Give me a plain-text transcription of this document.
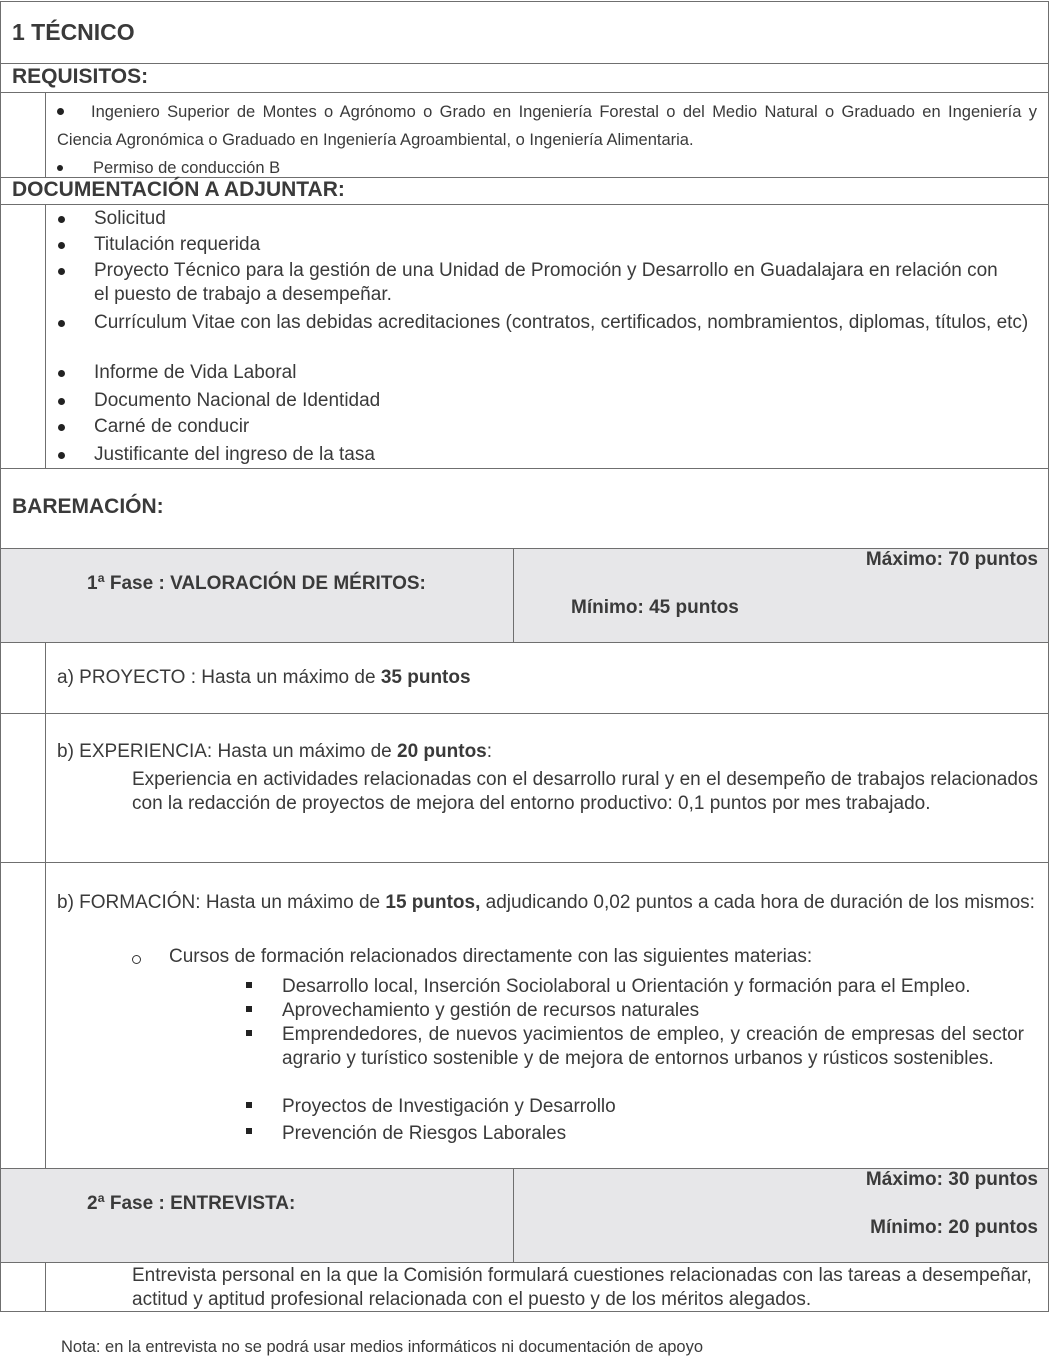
1 TÉCNICO
REQUISITOS:
Ingeniero Superior de Montes o Agrónomo o Grado en Ingeniería Forestal o del Medio Natural o Graduado en Ingeniería y Ciencia Agronómica o Graduado en Ingeniería Agroambiental, o Ingeniería Alimentaria.
Permiso de conducción B
DOCUMENTACIÓN A ADJUNTAR:
Solicitud
Titulación requerida
Proyecto Técnico para la gestión de una Unidad de Promoción y Desarrollo en Guadalajara en relación con el puesto de trabajo a desempeñar.
Currículum Vitae con las debidas acreditaciones (contratos, certificados, nombramientos, diplomas, títulos, etc)
Informe de Vida Laboral
Documento Nacional de Identidad
Carné de conducir
Justificante del ingreso de la tasa
BAREMACIÓN:
1ª Fase : VALORACIÓN DE MÉRITOS:
Máximo: 70 puntos
Mínimo: 45 puntos
a) PROYECTO : Hasta un máximo de 35 puntos
b) EXPERIENCIA: Hasta un máximo de 20 puntos:
Experiencia en actividades relacionadas con el desarrollo rural y en el desempeño de trabajos relacionados con la redacción de proyectos de mejora del entorno productivo: 0,1 puntos por mes trabajado.
b) FORMACIÓN: Hasta un máximo de 15 puntos, adjudicando 0,02 puntos a cada hora de duración de los mismos:
Cursos de formación relacionados directamente con las siguientes materias:
Desarrollo local, Inserción Sociolaboral u Orientación y formación para el Empleo.
Aprovechamiento y gestión de recursos naturales
Emprendedores, de nuevos yacimientos de empleo, y creación de empresas del sector agrario y turístico sostenible y de mejora de entornos urbanos y rústicos sostenibles.
Proyectos de Investigación y Desarrollo
Prevención de Riesgos Laborales
2ª Fase : ENTREVISTA:
Máximo: 30 puntos
Mínimo: 20 puntos
Entrevista personal en la que la Comisión formulará cuestiones relacionadas con las tareas a desempeñar, actitud y aptitud profesional relacionada con el puesto y de los méritos alegados.
Nota: en la entrevista no se podrá usar medios informáticos ni documentación de apoyo
